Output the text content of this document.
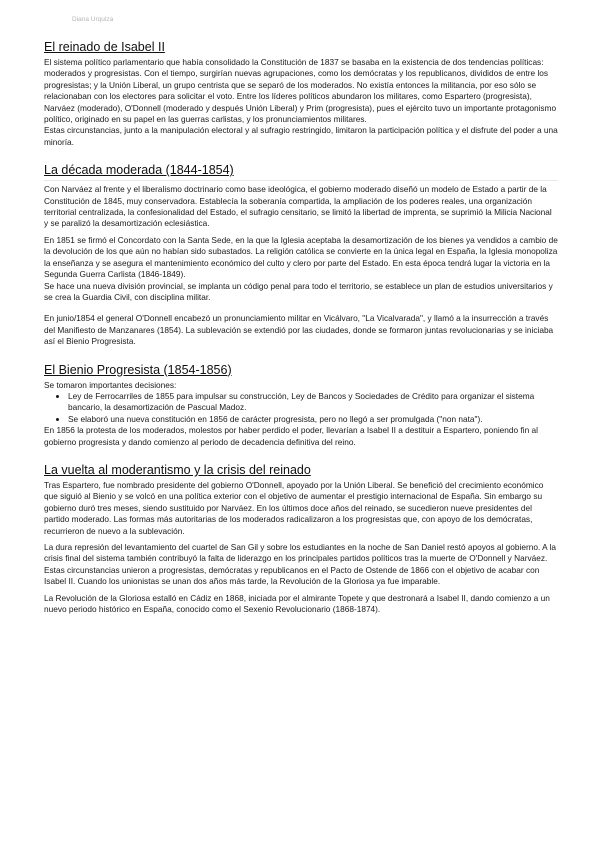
Diana Urquiza
El reinado de Isabel II

El sistema político parlamentario que había consolidado la Constitución de 1837 se basaba en la existencia de dos tendencias políticas: moderados y progresistas. Con el tiempo, surgirían nuevas agrupaciones, como los demócratas y los republicanos, divididos de entre los progresistas; y la Unión Liberal, un grupo centrista que se separó de los moderados. No existía entonces la militancia, por eso sólo se relacionaban con los electores para solicitar el voto. Entre los líderes políticos abundaron los militares, como Espartero (progresista), Narváez (moderado), O'Donnell (moderado y después Unión Liberal) y Prim (progresista), pues el ejército tuvo un importante protagonismo político, originado en su papel en las guerras carlistas, y los pronunciamientos militares.

Estas circunstancias, junto a la manipulación electoral y al sufragio restringido, limitaron la participación política y el disfrute del poder a una minoría.

La década moderada (1844-1854)

Con Narváez al frente y el liberalismo doctrinario como base ideológica, el gobierno moderado diseñó un modelo de Estado a partir de la Constitución de 1845, muy conservadora. Establecía la soberanía compartida, la ampliación de los poderes reales, una organización territorial centralizada, la confesionalidad del Estado, el sufragio censitario, se limitó la libertad de imprenta, se suprimió la Milicia Nacional y se paralizó la desamortización eclesiástica.

En 1851 se firmó el Concordato con la Santa Sede, en la que la Iglesia aceptaba la desamortización de los bienes ya vendidos a cambio de la devolución de los que aún no habían sido subastados. La religión católica se convierte en la única legal en España, la Iglesia monopoliza la enseñanza y se asegura el mantenimiento económico del culto y clero por parte del Estado. En esta época tendrá lugar la victoria en la Segunda Guerra Carlista (1846-1849).

Se hace una nueva división provincial, se implanta un código penal para todo el territorio, se establece un plan de estudios universitarios y se crea la Guardia Civil, con disciplina militar.

En junio/1854 el general O'Donnell encabezó un pronunciamiento militar en Vicálvaro, "La Vicalvarada", y llamó a la insurrección a través del Manifiesto de Manzanares (1854). La sublevación se extendió por las ciudades, donde se formaron juntas revolucionarias y se iniciaba así el Bienio Progresista.

El Bienio Progresista (1854-1856)

Se tomaron importantes decisiones:

• Ley de Ferrocarriles de 1855 para impulsar su construcción, Ley de Bancos y Sociedades de Crédito para organizar el sistema bancario, la desamortización de Pascual Madoz.
• Se elaboró una nueva constitución en 1856 de carácter progresista, pero no llegó a ser promulgada ("non nata").

En 1856 la protesta de los moderados, molestos por haber perdido el poder, llevarían a Isabel II a destituir a Espartero, poniendo fin al gobierno progresista y dando comienzo al periodo de decadencia definitiva del reino.

La vuelta al moderantismo y la crisis del reinado

Tras Espartero, fue nombrado presidente del gobierno O'Donnell, apoyado por la Unión Liberal. Se benefició del crecimiento económico que siguió al Bienio y se volcó en una política exterior con el objetivo de aumentar el prestigio internacional de España. Sin embargo su gobierno duró tres meses, siendo sustituido por Narváez. En los últimos doce años del reinado, se sucedieron nueve presidentes del partido moderado. Las formas más autoritarias de los moderados radicalizaron a los progresistas que, con apoyo de los demócratas, recurrieron de nuevo a la sublevación.

La dura represión del levantamiento del cuartel de San Gil y sobre los estudiantes en la noche de San Daniel restó apoyos al gobierno. A la crisis final del sistema también contribuyó la falta de liderazgo en los principales partidos políticos tras la muerte de O'Donnell y Narváez. Estas circunstancias unieron a progresistas, demócratas y republicanos en el Pacto de Ostende de 1866 con el objetivo de acabar con Isabel II. Cuando los unionistas se unan dos años más tarde, la Revolución de la Gloriosa ya fue imparable.

La Revolución de la Gloriosa estalló en Cádiz en 1868, iniciada por el almirante Topete y que destronará a Isabel II, dando comienzo a un nuevo periodo histórico en España, conocido como el Sexenio Revolucionario (1868-1874).
